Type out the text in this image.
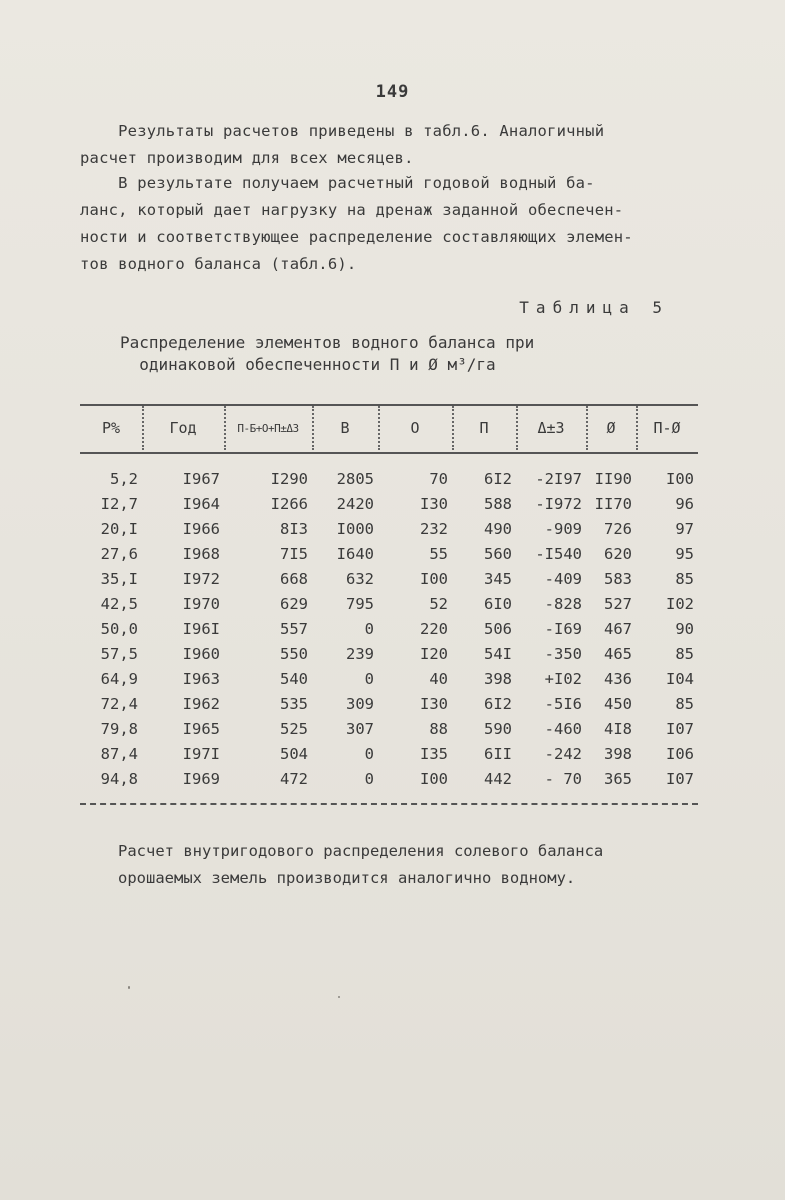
149
Результаты расчетов приведены в табл.6. Аналогичный
расчет производим для всех месяцев.
В результате получаем расчетный годовой водный ба-
ланс, который дает нагрузку на дренаж заданной обеспечен-
ности и соответствующее распределение составляющих элемен-
тов водного баланса (табл.6).
Таблица 5
Распределение элементов водного баланса при
одинаковой обеспеченности П и Ø м³/га
Р%	Год	П-Б+О+П±Δ3	В	О	П	Δ±3	Ø	П-Ø
5,2	I967	I290	2805	70	6I2	-2I97	II90	I00
I2,7	I964	I266	2420	I30	588	-I972	II70	96
20,I	I966	8I3	I000	232	490	-909	726	97
27,6	I968	7I5	I640	55	560	-I540	620	95
35,I	I972	668	632	I00	345	-409	583	85
42,5	I970	629	795	52	6I0	-828	527	I02
50,0	I96I	557	0	220	506	-I69	467	90
57,5	I960	550	239	I20	54I	-350	465	85
64,9	I963	540	0	40	398	+I02	436	I04
72,4	I962	535	309	I30	6I2	-5I6	450	85
79,8	I965	525	307	88	590	-460	4I8	I07
87,4	I97I	504	0	I35	6II	-242	398	I06
94,8	I969	472	0	I00	442	- 70	365	I07
Расчет внутригодового распределения солевого баланса
орошаемых земель производится аналогично водному.
